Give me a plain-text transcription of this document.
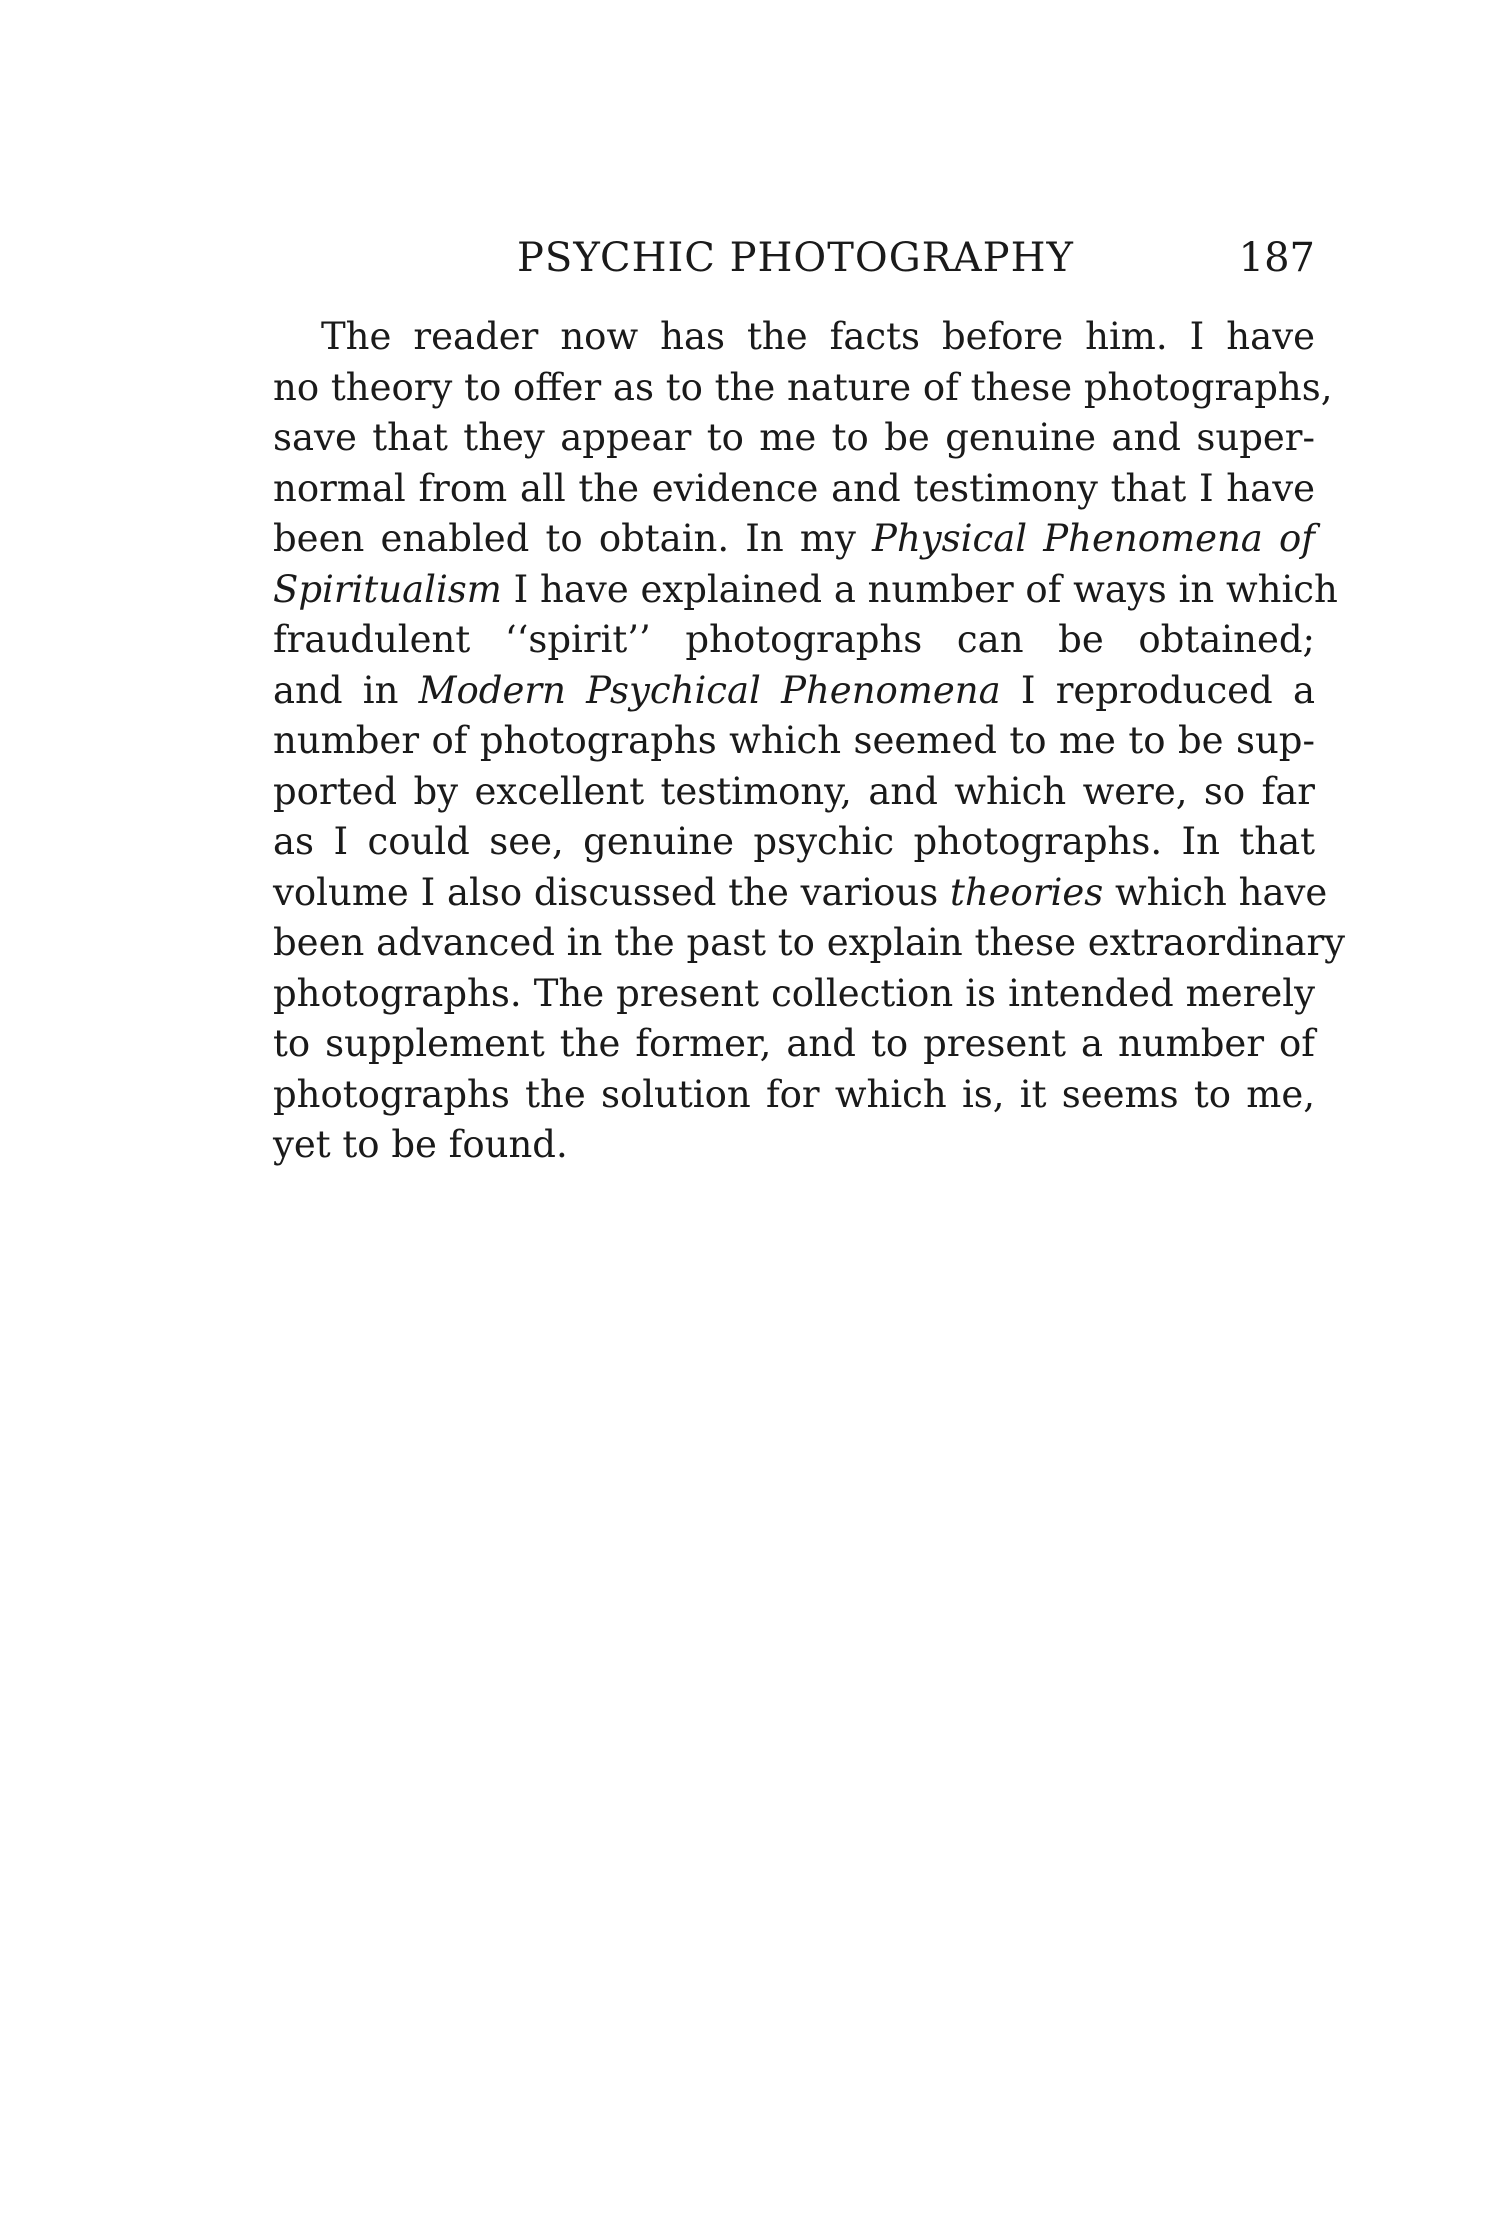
PSYCHIC PHOTOGRAPHY	187
The reader now has the facts before him. I have
no theory to offer as to the nature of these photographs,
save that they appear to me to be genuine and super-
normal from all the evidence and testimony that I have
been enabled to obtain. In my Physical Phenomena of
Spiritualism I have explained a number of ways in which
fraudulent ‘‘spirit’’ photographs can be obtained;
and in Modern Psychical Phenomena I reproduced a
number of photographs which seemed to me to be sup-
ported by excellent testimony, and which were, so far
as I could see, genuine psychic photographs. In that
volume I also discussed the various theories which have
been advanced in the past to explain these extraordinary
photographs. The present collection is intended merely
to supplement the former, and to present a number of
photographs the solution for which is, it seems to me,
yet to be found.
